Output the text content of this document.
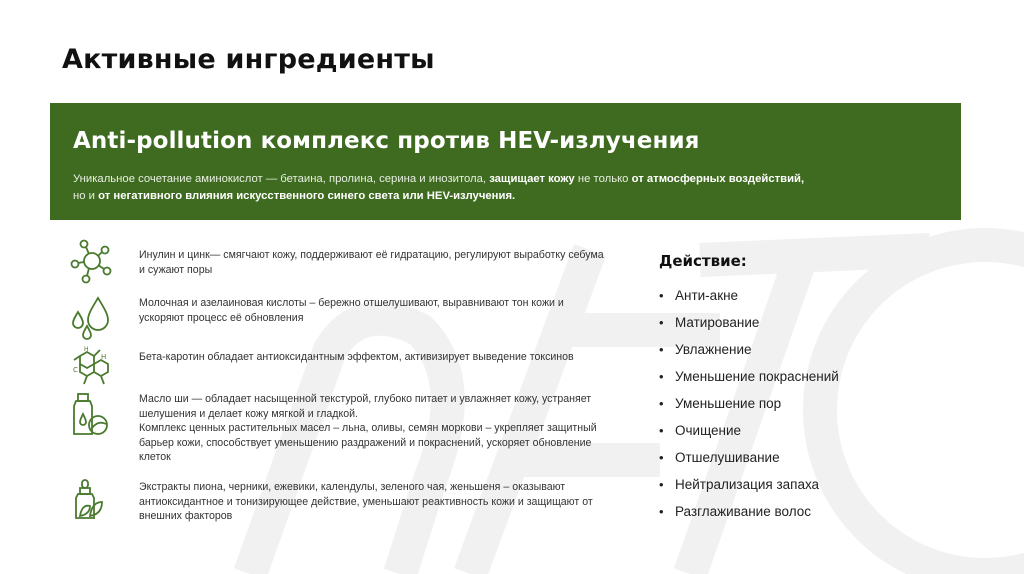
Активные ингредиенты
Anti-pollution комплекс против HEV-излучения
Уникальное сочетание аминокислот — бетаина, пролина, серина и инозитола, защищает кожу не только от атмосферных воздействий,
но и от негативного влияния искусственного синего света или HEV-излучения.
Инулин и цинк— смягчают кожу, поддерживают её гидратацию, регулируют выработку себума и сужают поры
Молочная и азелаиновая кислоты – бережно отшелушивают, выравнивают тон кожи и ускоряют процесс её обновления
H
H
C
Бета-каротин обладает антиоксидантным эффектом, активизирует выведение токсинов
Масло ши — обладает насыщенной текстурой, глубоко питает и увлажняет кожу, устраняет шелушения и делает кожу мягкой и гладкой.
Комплекс ценных растительных масел – льна, оливы, семян моркови – укрепляет защитный барьер кожи, способствует уменьшению раздражений и покраснений, ускоряет обновление клеток
Экстракты пиона, черники, ежевики, календулы, зеленого чая, женьшеня – оказывают антиоксидантное и тонизирующее действие, уменьшают реактивность кожи и защищают от внешних факторов
Действие:
• Анти-акне
• Матирование
• Увлажнение
• Уменьшение покраснений
• Уменьшение пор
• Очищение
• Отшелушивание
• Нейтрализация запаха
• Разглаживание волос
